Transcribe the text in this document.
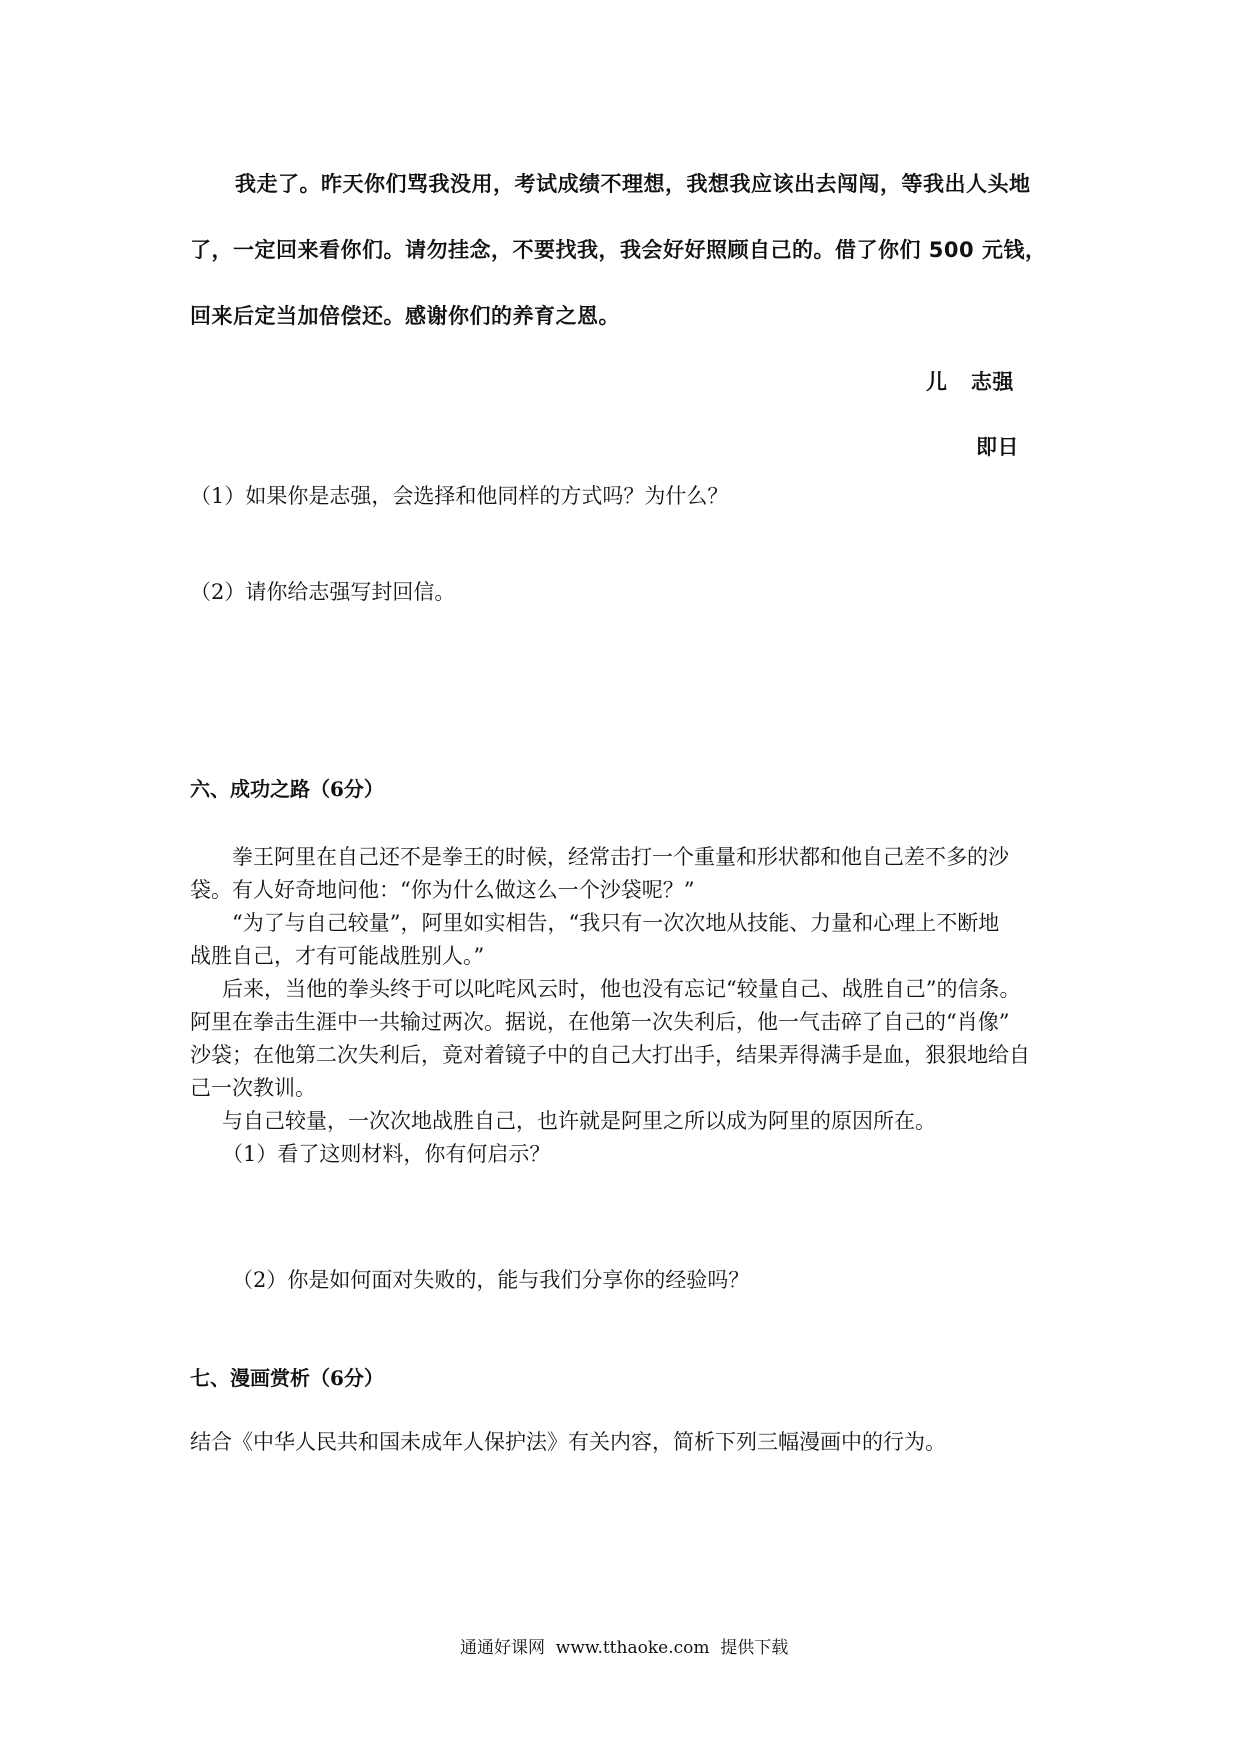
我走了。昨天你们骂我没用，考试成绩不理想，我想我应该出去闯闯，等我出人头地
了，一定回来看你们。请勿挂念，不要找我，我会好好照顾自己的。借了你们 500 元钱，
回来后定当加倍偿还。感谢你们的养育之恩。
儿   志强
即日
（1）如果你是志强，会选择和他同样的方式吗？为什么？
（2）请你给志强写封回信。
六、成功之路（6分）
拳王阿里在自己还不是拳王的时候，经常击打一个重量和形状都和他自己差不多的沙
袋。有人好奇地问他：“你为什么做这么一个沙袋呢？”
“为了与自己较量”，阿里如实相告，“我只有一次次地从技能、力量和心理上不断地
战胜自己，才有可能战胜别人。”
后来，当他的拳头终于可以叱咤风云时，他也没有忘记“较量自己、战胜自己”的信条。
阿里在拳击生涯中一共输过两次。据说，在他第一次失利后，他一气击碎了自己的“肖像”
沙袋；在他第二次失利后，竟对着镜子中的自己大打出手，结果弄得满手是血，狠狠地给自
己一次教训。
与自己较量，一次次地战胜自己，也许就是阿里之所以成为阿里的原因所在。
（1）看了这则材料，你有何启示？
（2）你是如何面对失败的，能与我们分享你的经验吗？
七、漫画赏析（6分）
结合《中华人民共和国未成年人保护法》有关内容，简析下列三幅漫画中的行为。
通通好课网  www.tthaoke.com  提供下载
